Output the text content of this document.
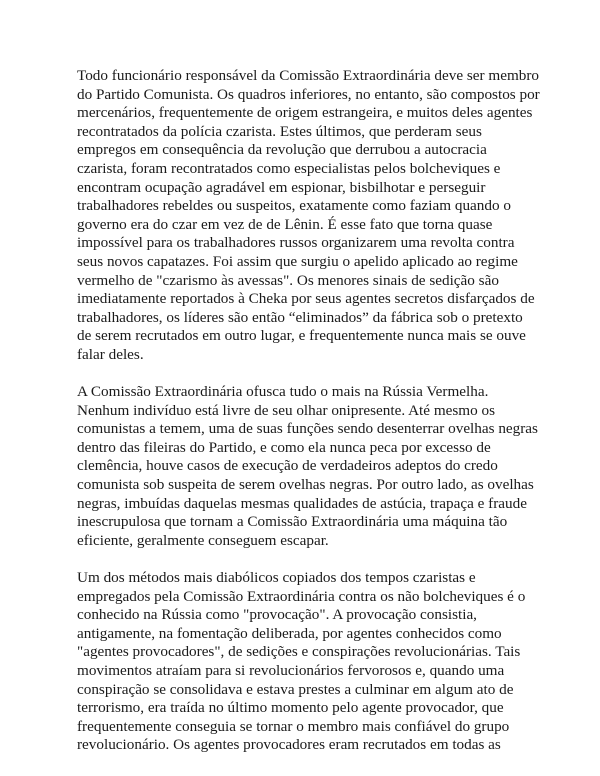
Todo funcionário responsável da Comissão Extraordinária deve ser membro
do Partido Comunista. Os quadros inferiores, no entanto, são compostos por
mercenários, frequentemente de origem estrangeira, e muitos deles agentes
recontratados da polícia czarista. Estes últimos, que perderam seus
empregos em consequência da revolução que derrubou a autocracia
czarista, foram recontratados como especialistas pelos bolcheviques e
encontram ocupação agradável em espionar, bisbilhotar e perseguir
trabalhadores rebeldes ou suspeitos, exatamente como faziam quando o
governo era do czar em vez de de Lênin. É esse fato que torna quase
impossível para os trabalhadores russos organizarem uma revolta contra
seus novos capatazes. Foi assim que surgiu o apelido aplicado ao regime
vermelho de "czarismo às avessas". Os menores sinais de sedição são
imediatamente reportados à Cheka por seus agentes secretos disfarçados de
trabalhadores, os líderes são então “eliminados” da fábrica sob o pretexto
de serem recrutados em outro lugar, e frequentemente nunca mais se ouve
falar deles.

A Comissão Extraordinária ofusca tudo o mais na Rússia Vermelha.
Nenhum indivíduo está livre de seu olhar onipresente. Até mesmo os
comunistas a temem, uma de suas funções sendo desenterrar ovelhas negras
dentro das fileiras do Partido, e como ela nunca peca por excesso de
clemência, houve casos de execução de verdadeiros adeptos do credo
comunista sob suspeita de serem ovelhas negras. Por outro lado, as ovelhas
negras, imbuídas daquelas mesmas qualidades de astúcia, trapaça e fraude
inescrupulosa que tornam a Comissão Extraordinária uma máquina tão
eficiente, geralmente conseguem escapar.

Um dos métodos mais diabólicos copiados dos tempos czaristas e
empregados pela Comissão Extraordinária contra os não bolcheviques é o
conhecido na Rússia como "provocação". A provocação consistia,
antigamente, na fomentação deliberada, por agentes conhecidos como
"agentes provocadores", de sedições e conspirações revolucionárias. Tais
movimentos atraíam para si revolucionários fervorosos e, quando uma
conspiração se consolidava e estava prestes a culminar em algum ato de
terrorismo, era traída no último momento pelo agente provocador, que
frequentemente conseguia se tornar o membro mais confiável do grupo
revolucionário. Os agentes provocadores eram recrutados em todas as
